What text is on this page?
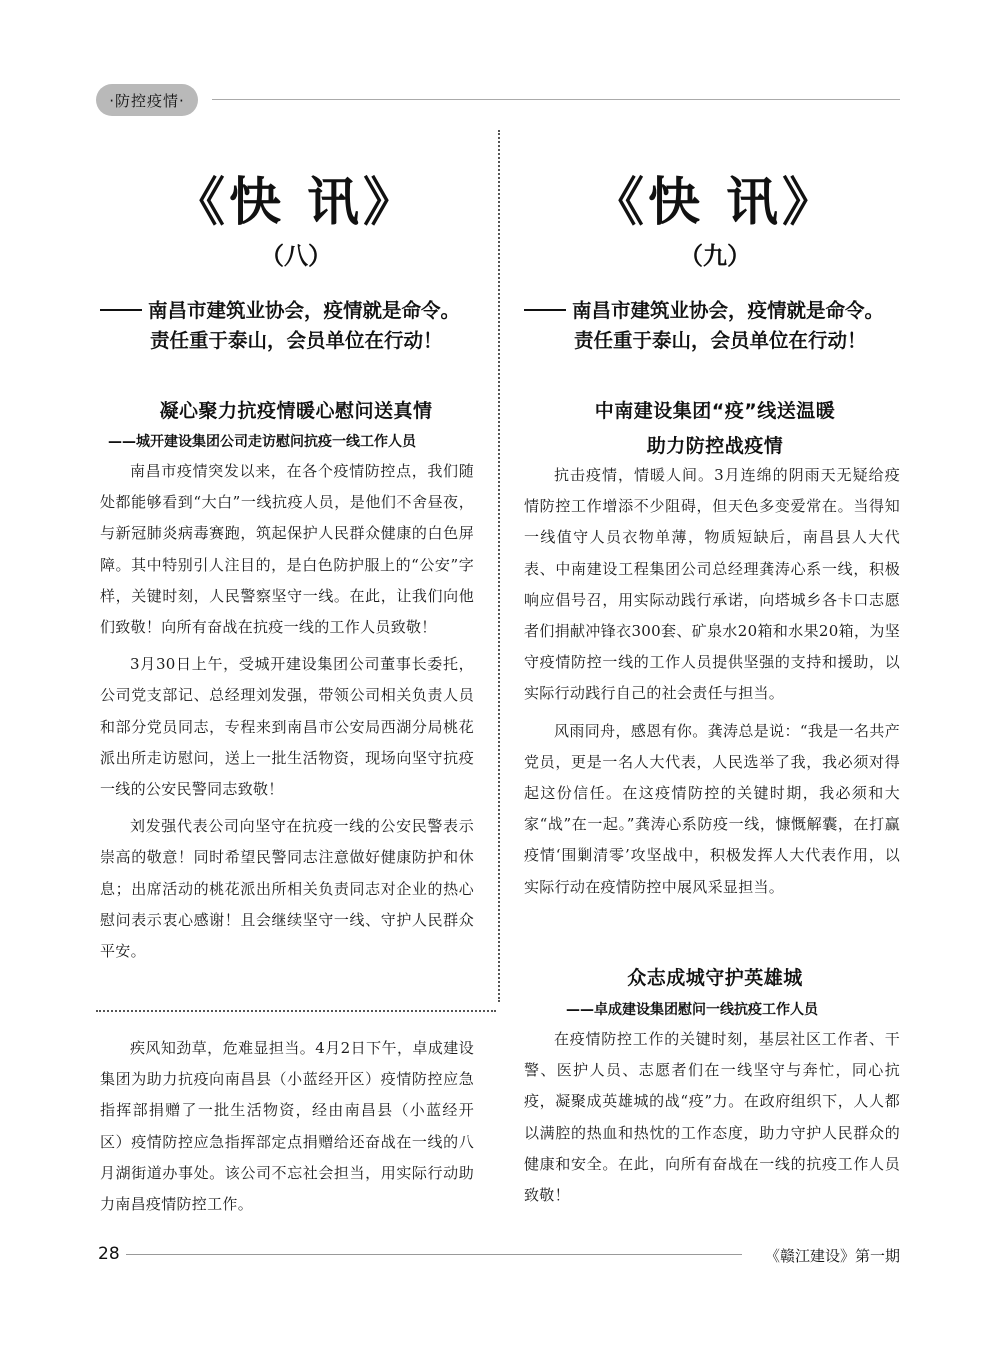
·防控疫情·
《快 讯》
（八）
南昌市建筑业协会，疫情就是命令。
责任重于泰山，会员单位在行动！
凝心聚力抗疫情暖心慰问送真情
——城开建设集团公司走访慰问抗疫一线工作人员

南昌市疫情突发以来，在各个疫情防控点，我们随处都能够看到“大白”一线抗疫人员，是他们不舍昼夜，与新冠肺炎病毒赛跑，筑起保护人民群众健康的白色屏障。其中特别引人注目的，是白色防护服上的“公安”字样，关键时刻，人民警察坚守一线。在此，让我们向他们致敬！向所有奋战在抗疫一线的工作人员致敬！

3月30日上午，受城开建设集团公司董事长委托，公司党支部记、总经理刘发强，带领公司相关负责人员和部分党员同志，专程来到南昌市公安局西湖分局桃花派出所走访慰问，送上一批生活物资，现场向坚守抗疫一线的公安民警同志致敬！

刘发强代表公司向坚守在抗疫一线的公安民警表示崇高的敬意！同时希望民警同志注意做好健康防护和休息；出席活动的桃花派出所相关负责同志对企业的热心慰问表示衷心感谢！且会继续坚守一线、守护人民群众平安。

疾风知劲草，危难显担当。4月2日下午，卓成建设集团为助力抗疫向南昌县（小蓝经开区）疫情防控应急指挥部捐赠了一批生活物资，经由南昌县（小蓝经开区）疫情防控应急指挥部定点捐赠给还奋战在一线的八月湖街道办事处。该公司不忘社会担当，用实际行动助力南昌疫情防控工作。

《快 讯》
（九）
南昌市建筑业协会，疫情就是命令。
责任重于泰山，会员单位在行动！
中南建设集团“疫”线送温暖
助力防控战疫情

抗击疫情，情暖人间。3月连绵的阴雨天无疑给疫情防控工作增添不少阻碍，但天色多变爱常在。当得知一线值守人员衣物单薄，物质短缺后，南昌县人大代表、中南建设工程集团公司总经理龚涛心系一线，积极响应倡号召，用实际动践行承诺，向塔城乡各卡口志愿者们捐献冲锋衣300套、矿泉水20箱和水果20箱，为坚守疫情防控一线的工作人员提供坚强的支持和援助，以实际行动践行自己的社会责任与担当。

风雨同舟，感恩有你。龚涛总是说：“我是一名共产党员，更是一名人大代表，人民选举了我，我必须对得起这份信任。在这疫情防控的关键时期，我必须和大家“战”在一起。”龚涛心系防疫一线，慷慨解囊，在打赢疫情‘围剿清零’攻坚战中，积极发挥人大代表作用，以实际行动在疫情防控中展风采显担当。

众志成城守护英雄城
——卓成建设集团慰问一线抗疫工作人员

在疫情防控工作的关键时刻，基层社区工作者、干警、医护人员、志愿者们在一线坚守与奔忙，同心抗疫，凝聚成英雄城的战“疫”力。在政府组织下，人人都以满腔的热血和热忱的工作态度，助力守护人民群众的健康和安全。在此，向所有奋战在一线的抗疫工作人员致敬！

28	《赣江建设》第一期
